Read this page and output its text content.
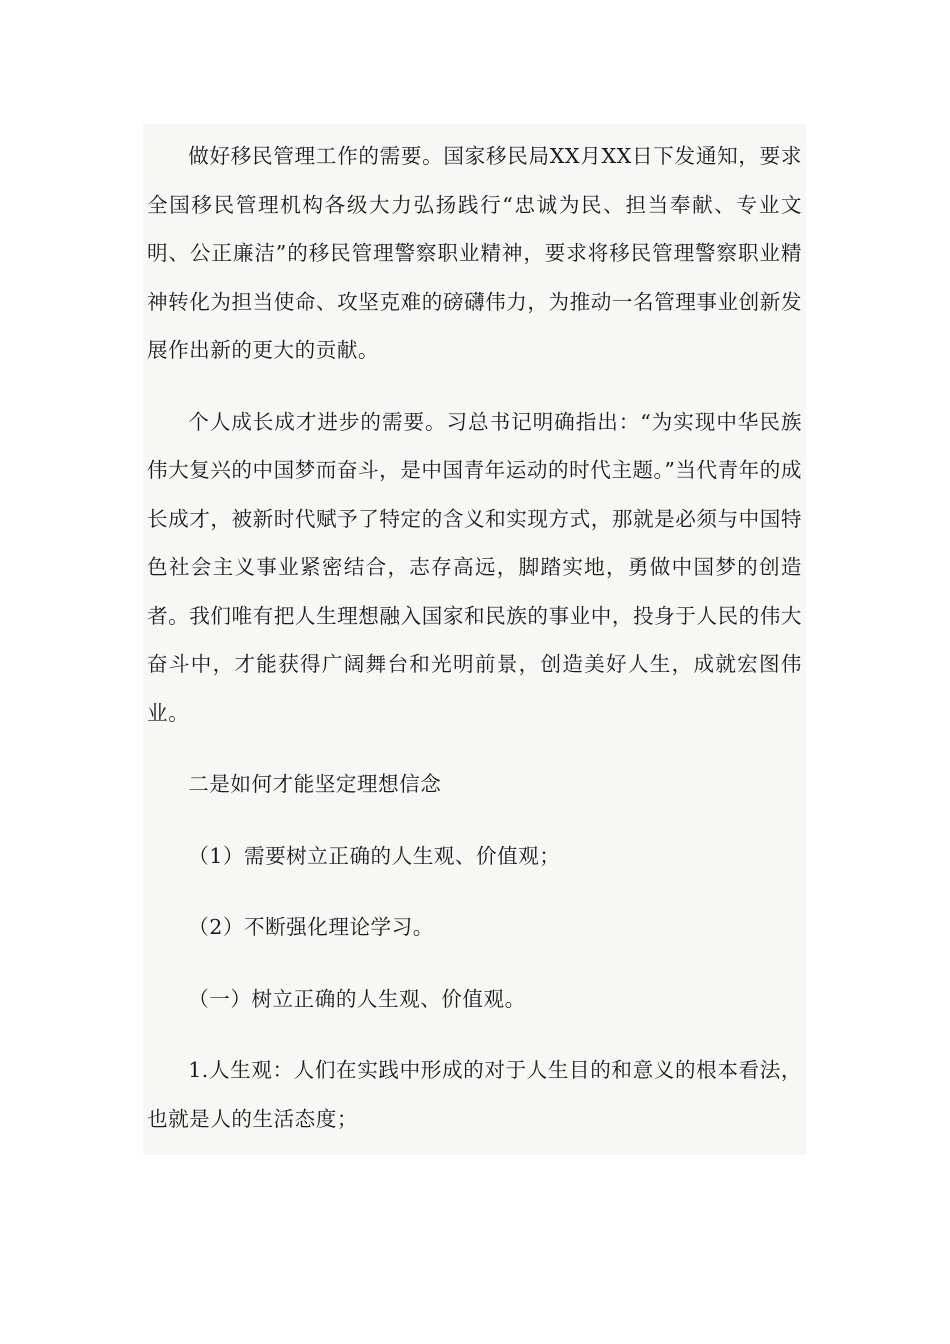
做好移民管理工作的需要。国家移民局XX月XX日下发通知，要求全国移民管理机构各级大力弘扬践行“忠诚为民、担当奉献、专业文明、公正廉洁”的移民管理警察职业精神，要求将移民管理警察职业精神转化为担当使命、攻坚克难的磅礴伟力，为推动一名管理事业创新发展作出新的更大的贡献。

个人成长成才进步的需要。习总书记明确指出：“为实现中华民族伟大复兴的中国梦而奋斗，是中国青年运动的时代主题。”当代青年的成长成才，被新时代赋予了特定的含义和实现方式，那就是必须与中国特色社会主义事业紧密结合，志存高远，脚踏实地，勇做中国梦的创造者。我们唯有把人生理想融入国家和民族的事业中，投身于人民的伟大奋斗中，才能获得广阔舞台和光明前景，创造美好人生，成就宏图伟业。

二是如何才能坚定理想信念

（1）需要树立正确的人生观、价值观；

（2）不断强化理论学习。

（一）树立正确的人生观、价值观。

1.人生观：人们在实践中形成的对于人生目的和意义的根本看法，也就是人的生活态度；
